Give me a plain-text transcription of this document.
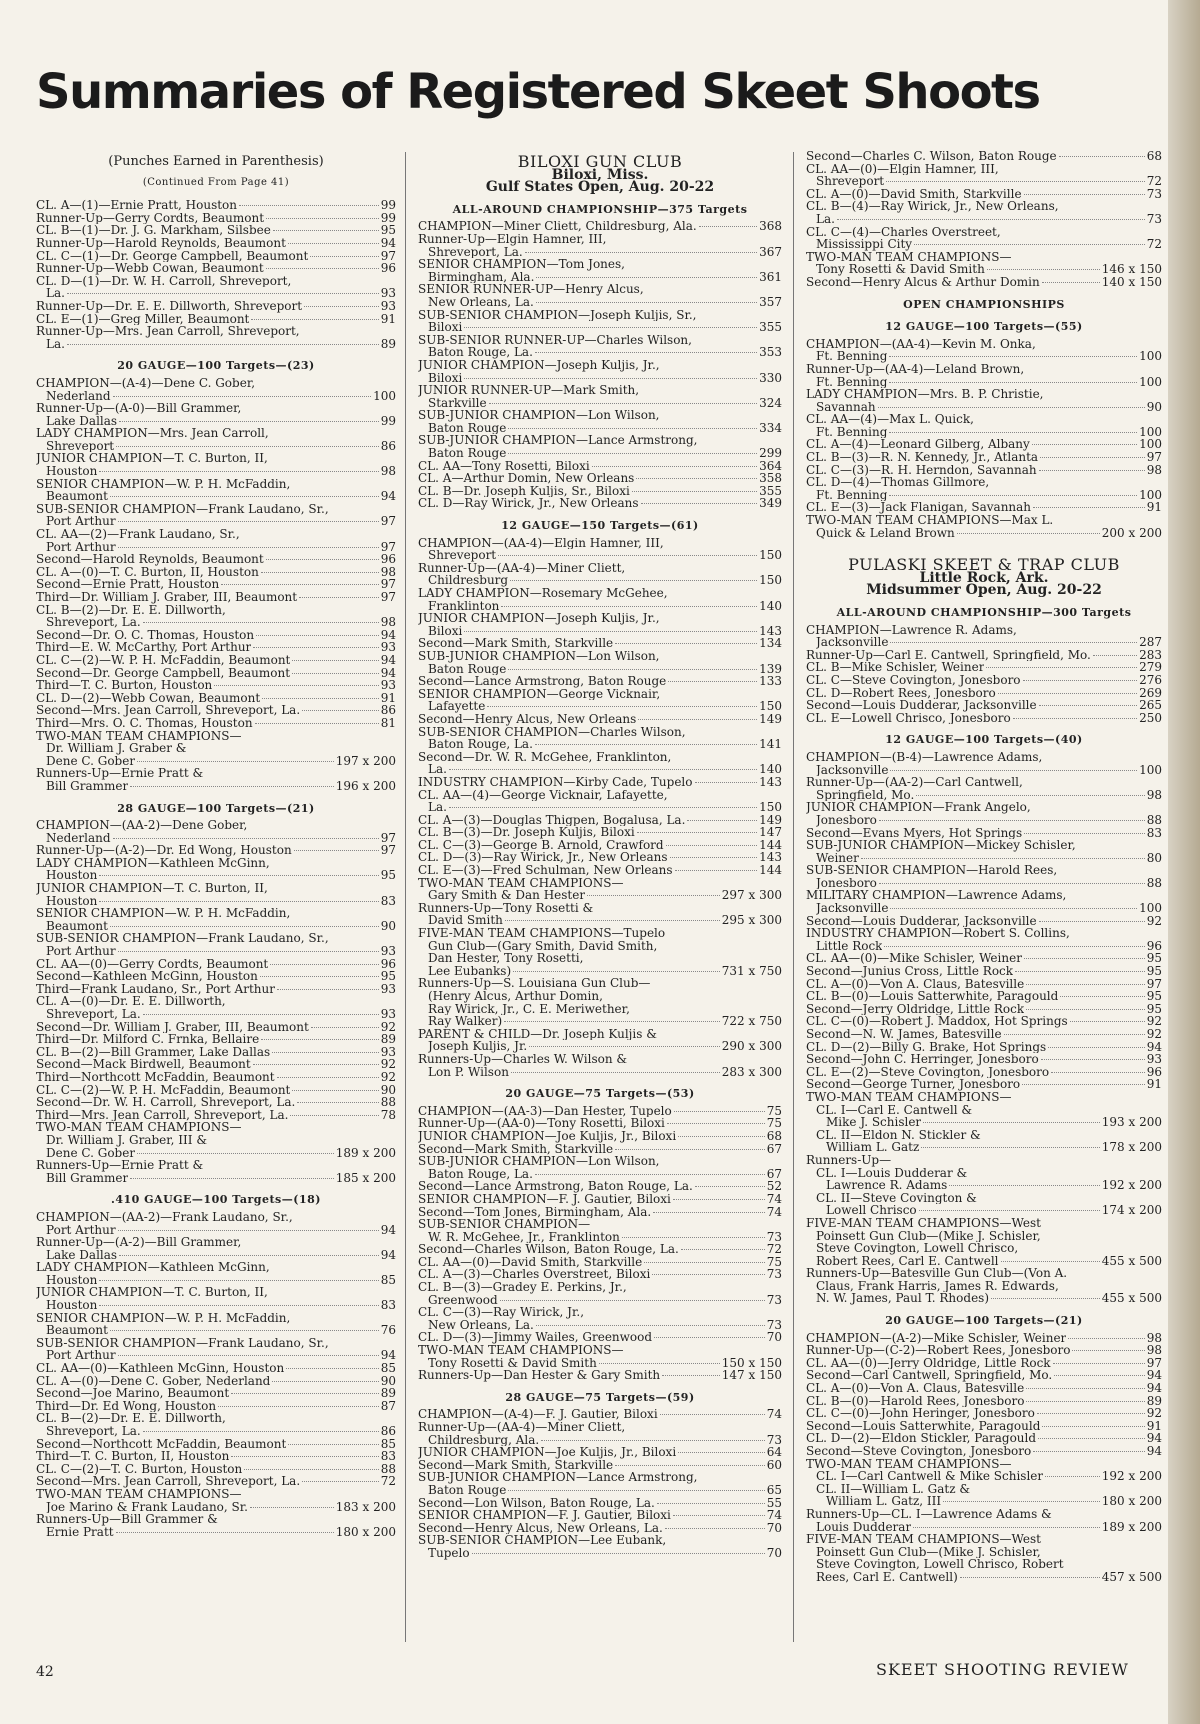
Summaries of Registered Skeet Shoots
(Punches Earned in Parenthesis)
(Continued From Page 41)
CL. A—(1)—Ernie Pratt, Houston	99
Runner-Up—Gerry Cordts, Beaumont	99
CL. B—(1)—Dr. J. G. Markham, Silsbee	95
Runner-Up—Harold Reynolds, Beaumont	94
CL. C—(1)—Dr. George Campbell, Beaumont	97
Runner-Up—Webb Cowan, Beaumont	96
CL. D—(1)—Dr. W. H. Carroll, Shreveport,
La.	93
Runner-Up—Dr. E. E. Dillworth, Shreveport	93
CL. E—(1)—Greg Miller, Beaumont	91
Runner-Up—Mrs. Jean Carroll, Shreveport,
La.	89
20 GAUGE—100 Targets—(23)
CHAMPION—(A-4)—Dene C. Gober,
Nederland	100
Runner-Up—(A-0)—Bill Grammer,
Lake Dallas	99
LADY CHAMPION—Mrs. Jean Carroll,
Shreveport	86
JUNIOR CHAMPION—T. C. Burton, II,
Houston	98
SENIOR CHAMPION—W. P. H. McFaddin,
Beaumont	94
SUB-SENIOR CHAMPION—Frank Laudano, Sr.,
Port Arthur	97
CL. AA—(2)—Frank Laudano, Sr.,
Port Arthur	97
Second—Harold Reynolds, Beaumont	96
CL. A—(0)—T. C. Burton, II, Houston	98
Second—Ernie Pratt, Houston	97
Third—Dr. William J. Graber, III, Beaumont	97
CL. B—(2)—Dr. E. E. Dillworth,
Shreveport, La.	98
Second—Dr. O. C. Thomas, Houston	94
Third—E. W. McCarthy, Port Arthur	93
CL. C—(2)—W. P. H. McFaddin, Beaumont	94
Second—Dr. George Campbell, Beaumont	94
Third—T. C. Burton, Houston	93
CL. D—(2)—Webb Cowan, Beaumont	91
Second—Mrs. Jean Carroll, Shreveport, La.	86
Third—Mrs. O. C. Thomas, Houston	81
TWO-MAN TEAM CHAMPIONS—
Dr. William J. Graber &
Dene C. Gober	197 x 200
Runners-Up—Ernie Pratt &
Bill Grammer	196 x 200
28 GAUGE—100 Targets—(21)
CHAMPION—(AA-2)—Dene Gober,
Nederland	97
Runner-Up—(A-2)—Dr. Ed Wong, Houston	97
LADY CHAMPION—Kathleen McGinn,
Houston	95
JUNIOR CHAMPION—T. C. Burton, II,
Houston	83
SENIOR CHAMPION—W. P. H. McFaddin,
Beaumont	90
SUB-SENIOR CHAMPION—Frank Laudano, Sr.,
Port Arthur	93
CL. AA—(0)—Gerry Cordts, Beaumont	96
Second—Kathleen McGinn, Houston	95
Third—Frank Laudano, Sr., Port Arthur	93
CL. A—(0)—Dr. E. E. Dillworth,
Shreveport, La.	93
Second—Dr. William J. Graber, III, Beaumont	92
Third—Dr. Milford C. Frnka, Bellaire	89
CL. B—(2)—Bill Grammer, Lake Dallas	93
Second—Mack Birdwell, Beaumont	92
Third—Northcott McFaddin, Beaumont	92
CL. C—(2)—W. P. H. McFaddin, Beaumont	90
Second—Dr. W. H. Carroll, Shreveport, La.	88
Third—Mrs. Jean Carroll, Shreveport, La.	78
TWO-MAN TEAM CHAMPIONS—
Dr. William J. Graber, III &
Dene C. Gober	189 x 200
Runners-Up—Ernie Pratt &
Bill Grammer	185 x 200
.410 GAUGE—100 Targets—(18)
CHAMPION—(AA-2)—Frank Laudano, Sr.,
Port Arthur	94
Runner-Up—(A-2)—Bill Grammer,
Lake Dallas	94
LADY CHAMPION—Kathleen McGinn,
Houston	85
JUNIOR CHAMPION—T. C. Burton, II,
Houston	83
SENIOR CHAMPION—W. P. H. McFaddin,
Beaumont	76
SUB-SENIOR CHAMPION—Frank Laudano, Sr.,
Port Arthur	94
CL. AA—(0)—Kathleen McGinn, Houston	85
CL. A—(0)—Dene C. Gober, Nederland	90
Second—Joe Marino, Beaumont	89
Third—Dr. Ed Wong, Houston	87
CL. B—(2)—Dr. E. E. Dillworth,
Shreveport, La.	86
Second—Northcott McFaddin, Beaumont	85
Third—T. C. Burton, II, Houston	83
CL. C—(2)—T. C. Burton, Houston	88
Second—Mrs. Jean Carroll, Shreveport, La.	72
TWO-MAN TEAM CHAMPIONS—
Joe Marino & Frank Laudano, Sr.	183 x 200
Runners-Up—Bill Grammer &
Ernie Pratt	180 x 200
BILOXI GUN CLUB
Biloxi, Miss.
Gulf States Open, Aug. 20-22
ALL-AROUND CHAMPIONSHIP—375 Targets
CHAMPION—Miner Cliett, Childresburg, Ala.	368
Runner-Up—Elgin Hamner, III,
Shreveport, La.	367
SENIOR CHAMPION—Tom Jones,
Birmingham, Ala.	361
SENIOR RUNNER-UP—Henry Alcus,
New Orleans, La.	357
SUB-SENIOR CHAMPION—Joseph Kuljis, Sr.,
Biloxi	355
SUB-SENIOR RUNNER-UP—Charles Wilson,
Baton Rouge, La.	353
JUNIOR CHAMPION—Joseph Kuljis, Jr.,
Biloxi	330
JUNIOR RUNNER-UP—Mark Smith,
Starkville	324
SUB-JUNIOR CHAMPION—Lon Wilson,
Baton Rouge	334
SUB-JUNIOR CHAMPION—Lance Armstrong,
Baton Rouge	299
CL. AA—Tony Rosetti, Biloxi	364
CL. A—Arthur Domin, New Orleans	358
CL. B—Dr. Joseph Kuljis, Sr., Biloxi	355
CL. D—Ray Wirick, Jr., New Orleans	349
12 GAUGE—150 Targets—(61)
CHAMPION—(AA-4)—Elgin Hamner, III,
Shreveport	150
Runner-Up—(AA-4)—Miner Cliett,
Childresburg	150
LADY CHAMPION—Rosemary McGehee,
Franklinton	140
JUNIOR CHAMPION—Joseph Kuljis, Jr.,
Biloxi	143
Second—Mark Smith, Starkville	134
SUB-JUNIOR CHAMPION—Lon Wilson,
Baton Rouge	139
Second—Lance Armstrong, Baton Rouge	133
SENIOR CHAMPION—George Vicknair,
Lafayette	150
Second—Henry Alcus, New Orleans	149
SUB-SENIOR CHAMPION—Charles Wilson,
Baton Rouge, La.	141
Second—Dr. W. R. McGehee, Franklinton,
La.	140
INDUSTRY CHAMPION—Kirby Cade, Tupelo	143
CL. AA—(4)—George Vicknair, Lafayette,
La.	150
CL. A—(3)—Douglas Thigpen, Bogalusa, La.	149
CL. B—(3)—Dr. Joseph Kuljis, Biloxi	147
CL. C—(3)—George B. Arnold, Crawford	144
CL. D—(3)—Ray Wirick, Jr., New Orleans	143
CL. E—(3)—Fred Schulman, New Orleans	144
TWO-MAN TEAM CHAMPIONS—
Gary Smith & Dan Hester	297 x 300
Runners-Up—Tony Rosetti &
David Smith	295 x 300
FIVE-MAN TEAM CHAMPIONS—Tupelo
Gun Club—(Gary Smith, David Smith,
Dan Hester, Tony Rosetti,
Lee Eubanks)	731 x 750
Runners-Up—S. Louisiana Gun Club—
(Henry Alcus, Arthur Domin,
Ray Wirick, Jr., C. E. Meriwether,
Ray Walker)	722 x 750
PARENT & CHILD—Dr. Joseph Kuljis &
Joseph Kuljis, Jr.	290 x 300
Runners-Up—Charles W. Wilson &
Lon P. Wilson	283 x 300
20 GAUGE—75 Targets—(53)
CHAMPION—(AA-3)—Dan Hester, Tupelo	75
Runner-Up—(AA-0)—Tony Rosetti, Biloxi	75
JUNIOR CHAMPION—Joe Kuljis, Jr., Biloxi	68
Second—Mark Smith, Starkville	67
SUB-JUNIOR CHAMPION—Lon Wilson,
Baton Rouge, La.	67
Second—Lance Armstrong, Baton Rouge, La.	52
SENIOR CHAMPION—F. J. Gautier, Biloxi	74
Second—Tom Jones, Birmingham, Ala.	74
SUB-SENIOR CHAMPION—
W. R. McGehee, Jr., Franklinton	73
Second—Charles Wilson, Baton Rouge, La.	72
CL. AA—(0)—David Smith, Starkville	75
CL. A—(3)—Charles Overstreet, Biloxi	73
CL. B—(3)—Gradey E. Perkins, Jr.,
Greenwood	73
CL. C—(3)—Ray Wirick, Jr.,
New Orleans, La.	73
CL. D—(3)—Jimmy Wailes, Greenwood	70
TWO-MAN TEAM CHAMPIONS—
Tony Rosetti & David Smith	150 x 150
Runners-Up—Dan Hester & Gary Smith	147 x 150
28 GAUGE—75 Targets—(59)
CHAMPION—(A-4)—F. J. Gautier, Biloxi	74
Runner-Up—(AA-4)—Miner Cliett,
Childresburg, Ala.	73
JUNIOR CHAMPION—Joe Kuljis, Jr., Biloxi	64
Second—Mark Smith, Starkville	60
SUB-JUNIOR CHAMPION—Lance Armstrong,
Baton Rouge	65
Second—Lon Wilson, Baton Rouge, La.	55
SENIOR CHAMPION—F. J. Gautier, Biloxi	74
Second—Henry Alcus, New Orleans, La.	70
SUB-SENIOR CHAMPION—Lee Eubank,
Tupelo	70
Second—Charles C. Wilson, Baton Rouge	68
CL. AA—(0)—Elgin Hamner, III,
Shreveport	72
CL. A—(0)—David Smith, Starkville	73
CL. B—(4)—Ray Wirick, Jr., New Orleans,
La.	73
CL. C—(4)—Charles Overstreet,
Mississippi City	72
TWO-MAN TEAM CHAMPIONS—
Tony Rosetti & David Smith	146 x 150
Second—Henry Alcus & Arthur Domin	140 x 150
OPEN CHAMPIONSHIPS
12 GAUGE—100 Targets—(55)
CHAMPION—(AA-4)—Kevin M. Onka,
Ft. Benning	100
Runner-Up—(AA-4)—Leland Brown,
Ft. Benning	100
LADY CHAMPION—Mrs. B. P. Christie,
Savannah	90
CL. AA—(4)—Max L. Quick,
Ft. Benning	100
CL. A—(4)—Leonard Gilberg, Albany	100
CL. B—(3)—R. N. Kennedy, Jr., Atlanta	97
CL. C—(3)—R. H. Herndon, Savannah	98
CL. D—(4)—Thomas Gillmore,
Ft. Benning	100
CL. E—(3)—Jack Flanigan, Savannah	91
TWO-MAN TEAM CHAMPIONS—Max L.
Quick & Leland Brown	200 x 200
PULASKI SKEET & TRAP CLUB
Little Rock, Ark.
Midsummer Open, Aug. 20-22
ALL-AROUND CHAMPIONSHIP—300 Targets
CHAMPION—Lawrence R. Adams,
Jacksonville	287
Runner-Up—Carl E. Cantwell, Springfield, Mo.	283
CL. B—Mike Schisler, Weiner	279
CL. C—Steve Covington, Jonesboro	276
CL. D—Robert Rees, Jonesboro	269
Second—Louis Dudderar, Jacksonville	265
CL. E—Lowell Chrisco, Jonesboro	250
12 GAUGE—100 Targets—(40)
CHAMPION—(B-4)—Lawrence Adams,
Jacksonville	100
Runner-Up—(AA-2)—Carl Cantwell,
Springfield, Mo.	98
JUNIOR CHAMPION—Frank Angelo,
Jonesboro	88
Second—Evans Myers, Hot Springs	83
SUB-JUNIOR CHAMPION—Mickey Schisler,
Weiner	80
SUB-SENIOR CHAMPION—Harold Rees,
Jonesboro	88
MILITARY CHAMPION—Lawrence Adams,
Jacksonville	100
Second—Louis Dudderar, Jacksonville	92
INDUSTRY CHAMPION—Robert S. Collins,
Little Rock	96
CL. AA—(0)—Mike Schisler, Weiner	95
Second—Junius Cross, Little Rock	95
CL. A—(0)—Von A. Claus, Batesville	97
CL. B—(0)—Louis Satterwhite, Paragould	95
Second—Jerry Oldridge, Little Rock	95
CL. C—(0)—Robert J. Maddox, Hot Springs	92
Second—N. W. James, Batesville	92
CL. D—(2)—Billy G. Brake, Hot Springs	94
Second—John C. Herringer, Jonesboro	93
CL. E—(2)—Steve Covington, Jonesboro	96
Second—George Turner, Jonesboro	91
TWO-MAN TEAM CHAMPIONS—
CL. I—Carl E. Cantwell &
Mike J. Schisler	193 x 200
CL. II—Eldon N. Stickler &
William L. Gatz	178 x 200
Runners-Up—
CL. I—Louis Dudderar &
Lawrence R. Adams	192 x 200
CL. II—Steve Covington &
Lowell Chrisco	174 x 200
FIVE-MAN TEAM CHAMPIONS—West
Poinsett Gun Club—(Mike J. Schisler,
Steve Covington, Lowell Chrisco,
Robert Rees, Carl E. Cantwell	455 x 500
Runners-Up—Batesville Gun Club—(Von A.
Claus, Frank Harris, James R. Edwards,
N. W. James, Paul T. Rhodes)	455 x 500
20 GAUGE—100 Targets—(21)
CHAMPION—(A-2)—Mike Schisler, Weiner	98
Runner-Up—(C-2)—Robert Rees, Jonesboro	98
CL. AA—(0)—Jerry Oldridge, Little Rock	97
Second—Carl Cantwell, Springfield, Mo.	94
CL. A—(0)—Von A. Claus, Batesville	94
CL. B—(0)—Harold Rees, Jonesboro	89
CL. C—(0)—John Heringer, Jonesboro	92
Second—Louis Satterwhite, Paragould	91
CL. D—(2)—Eldon Stickler, Paragould	94
Second—Steve Covington, Jonesboro	94
TWO-MAN TEAM CHAMPIONS—
CL. I—Carl Cantwell & Mike Schisler	192 x 200
CL. II—William L. Gatz &
William L. Gatz, III	180 x 200
Runners-Up—CL. I—Lawrence Adams &
Louis Dudderar	189 x 200
FIVE-MAN TEAM CHAMPIONS—West
Poinsett Gun Club—(Mike J. Schisler,
Steve Covington, Lowell Chrisco, Robert
Rees, Carl E. Cantwell)	457 x 500
42	SKEET SHOOTING REVIEW
